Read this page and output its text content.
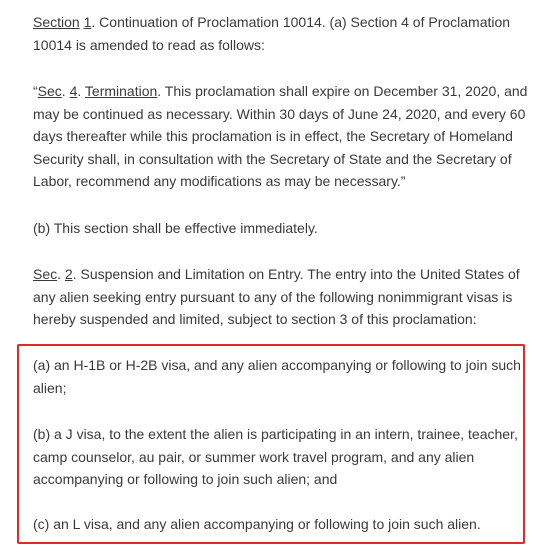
Section 1. Continuation of Proclamation 10014. (a) Section 4 of Proclamation
10014 is amended to read as follows:

“Sec. 4. Termination. This proclamation shall expire on December 31, 2020, and
may be continued as necessary. Within 30 days of June 24, 2020, and every 60
days thereafter while this proclamation is in effect, the Secretary of Homeland
Security shall, in consultation with the Secretary of State and the Secretary of
Labor, recommend any modifications as may be necessary.”

(b) This section shall be effective immediately.

Sec. 2. Suspension and Limitation on Entry. The entry into the United States of
any alien seeking entry pursuant to any of the following nonimmigrant visas is
hereby suspended and limited, subject to section 3 of this proclamation:

(a) an H-1B or H-2B visa, and any alien accompanying or following to join such
alien;

(b) a J visa, to the extent the alien is participating in an intern, trainee, teacher,
camp counselor, au pair, or summer work travel program, and any alien
accompanying or following to join such alien; and

(c) an L visa, and any alien accompanying or following to join such alien.
